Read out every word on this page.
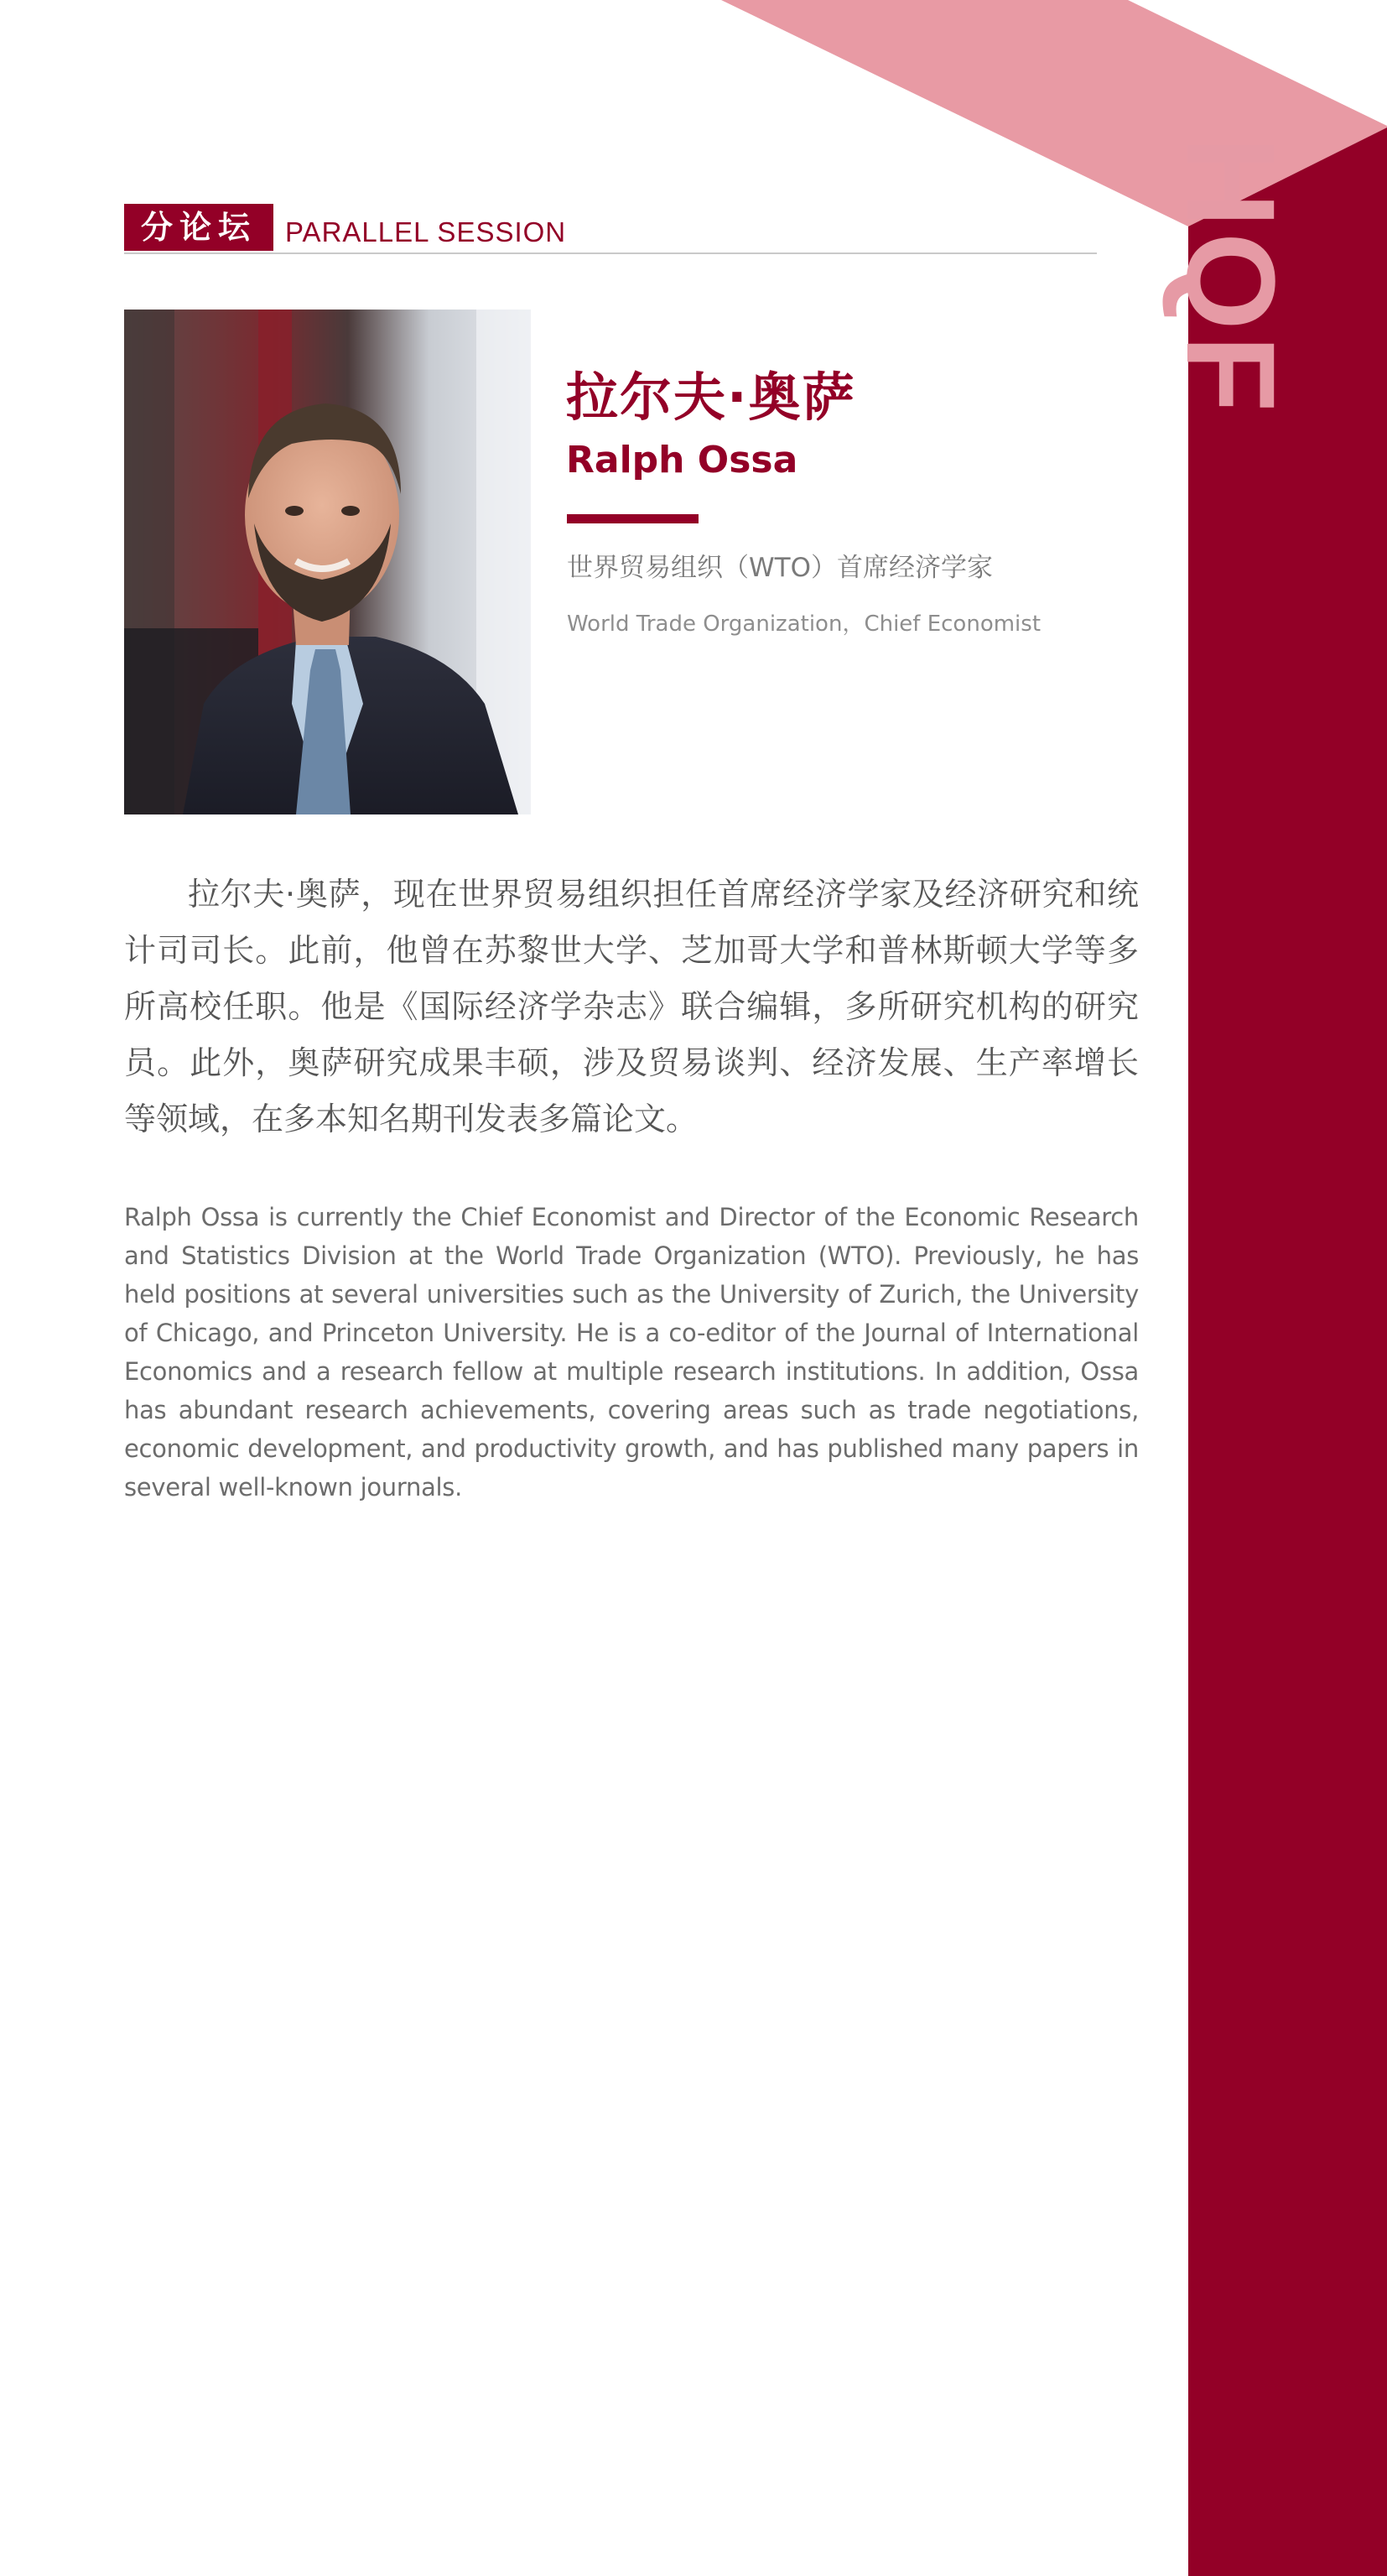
HQF
分论坛	PARALLEL SESSION
拉尔夫·奥萨
Ralph Ossa
世界贸易组织（WTO）首席经济学家
World Trade Organization，Chief Economist

拉尔夫·奥萨，现在世界贸易组织担任首席经济学家及经济研究和统计司司长。此前，他曾在苏黎世大学、芝加哥大学和普林斯顿大学等多所高校任职。他是《国际经济学杂志》联合编辑，多所研究机构的研究员。此外，奥萨研究成果丰硕，涉及贸易谈判、经济发展、生产率增长等领域，在多本知名期刊发表多篇论文。

Ralph Ossa is currently the Chief Economist and Director of the Economic Research and Statistics Division at the World Trade Organization (WTO). Previously, he has held positions at several universities such as the University of Zurich, the University of Chicago, and Princeton University. He is a co-editor of the Journal of International Economics and a research fellow at multiple research institutions. In addition, Ossa has abundant research achievements, covering areas such as trade negotiations, economic development, and productivity growth, and has published many papers in several well-known journals.
